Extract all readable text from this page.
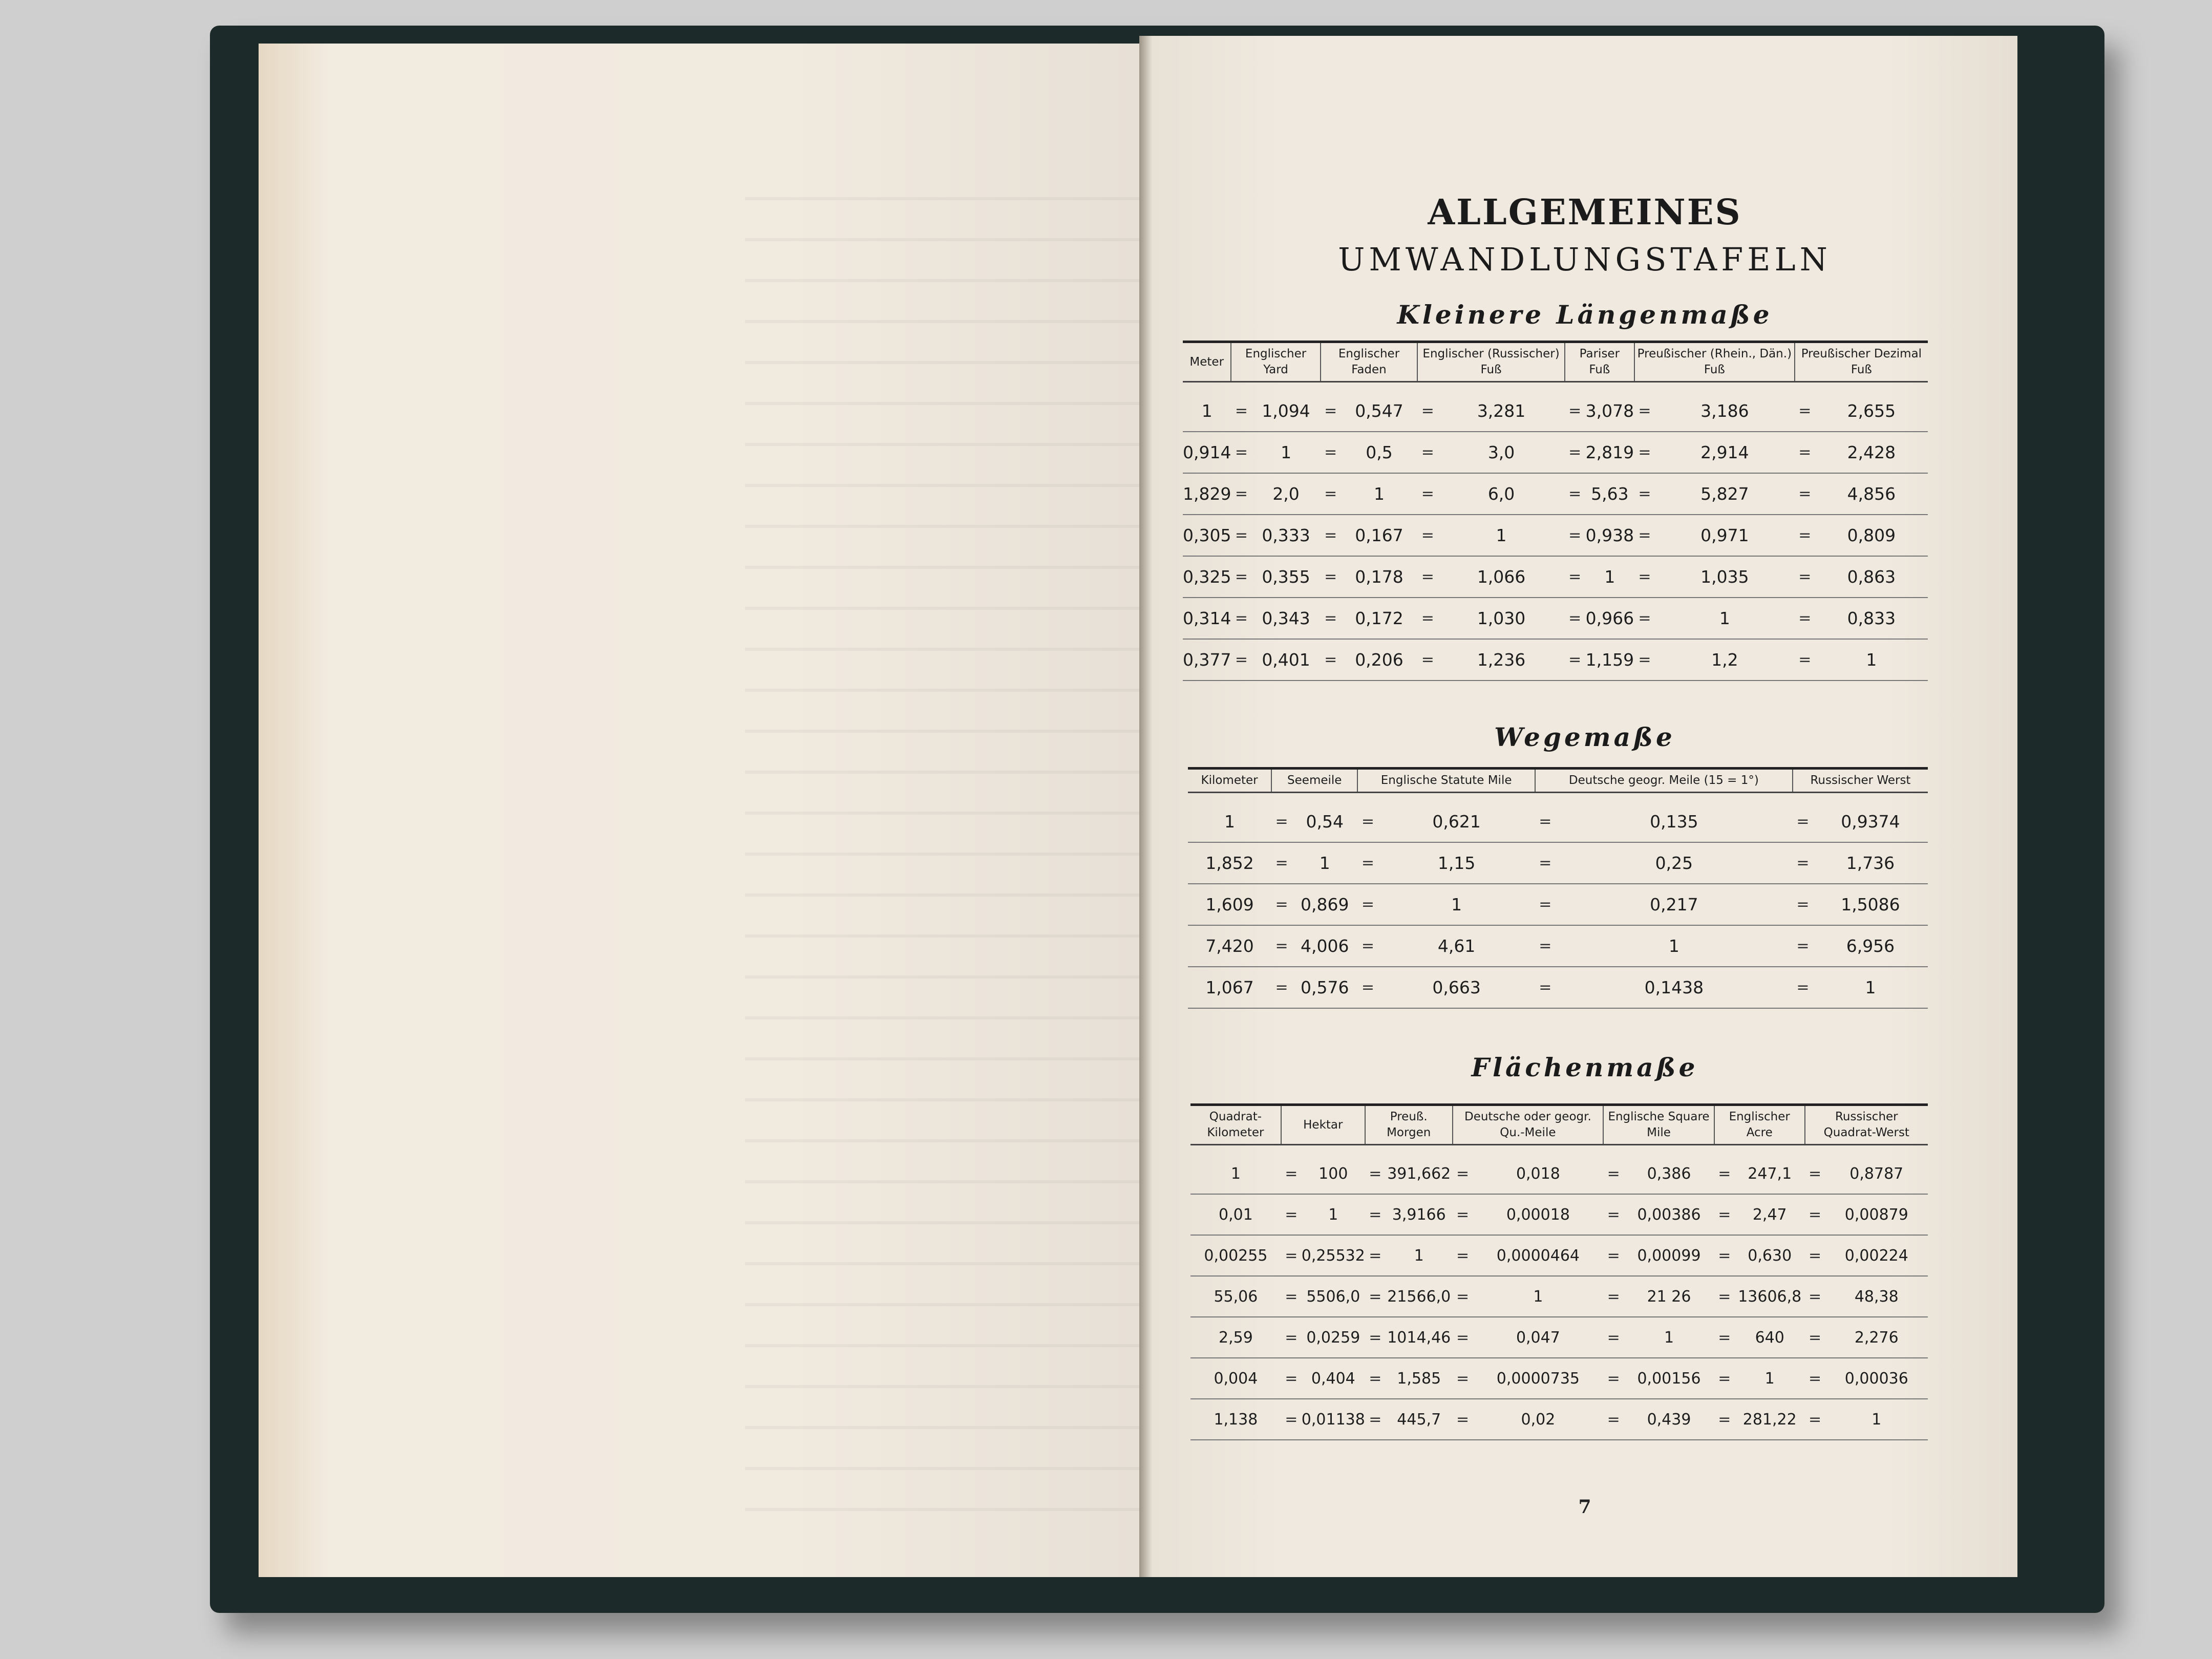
ALLGEMEINES
UMWANDLUNGSTAFELN
Kleinere Längenmaße
Wegemaße
Flächenmaße
7
Meter	Englischer Yard		Englischer Faden		Englischer (Russischer) Fuß		Pariser Fuß		Preußischer (Rhein., Dän.) Fuß		Preußischer Dezimal Fuß	

1	=	1,094	=	0,547	=	3,281	=	3,078	=	3,186	=	2,655
0,914	=	1	=	0,5	=	3,0	=	2,819	=	2,914	=	2,428
1,829	=	2,0	=	1	=	6,0	=	5,63	=	5,827	=	4,856
0,305	=	0,333	=	0,167	=	1	=	0,938	=	0,971	=	0,809
0,325	=	0,355	=	0,178	=	1,066	=	1	=	1,035	=	0,863
0,314	=	0,343	=	0,172	=	1,030	=	0,966	=	1	=	0,833
0,377	=	0,401	=	0,206	=	1,236	=	1,159	=	1,2	=	1
Kilometer	Seemeile		Englische Statute Mile		Deutsche geogr. Meile (15 = 1°)		Russischer Werst	

1	=	0,54	=	0,621	=	0,135	=	0,9374
1,852	=	1	=	1,15	=	0,25	=	1,736
1,609	=	0,869	=	1	=	0,217	=	1,5086
7,420	=	4,006	=	4,61	=	1	=	6,956
1,067	=	0,576	=	0,663	=	0,1438	=	1
Quadrat-Kilometer	Hektar		Preuß. Morgen		Deutsche oder geogr. Qu.-Meile		Englische Square Mile		Englischer Acre		Russischer Quadrat-Werst	

1	=	100	=	391,662	=	0,018	=	0,386	=	247,1	=	0,8787
0,01	=	1	=	3,9166	=	0,00018	=	0,00386	=	2,47	=	0,00879
0,00255	=	0,25532	=	1	=	0,0000464	=	0,00099	=	0,630	=	0,00224
55,06	=	5506,0	=	21566,0	=	1	=	21 26	=	13606,8	=	48,38
2,59	=	0,0259	=	1014,46	=	0,047	=	1	=	640	=	2,276
0,004	=	0,404	=	1,585	=	0,0000735	=	0,00156	=	1	=	0,00036
1,138	=	0,01138	=	445,7	=	0,02	=	0,439	=	281,22	=	1
